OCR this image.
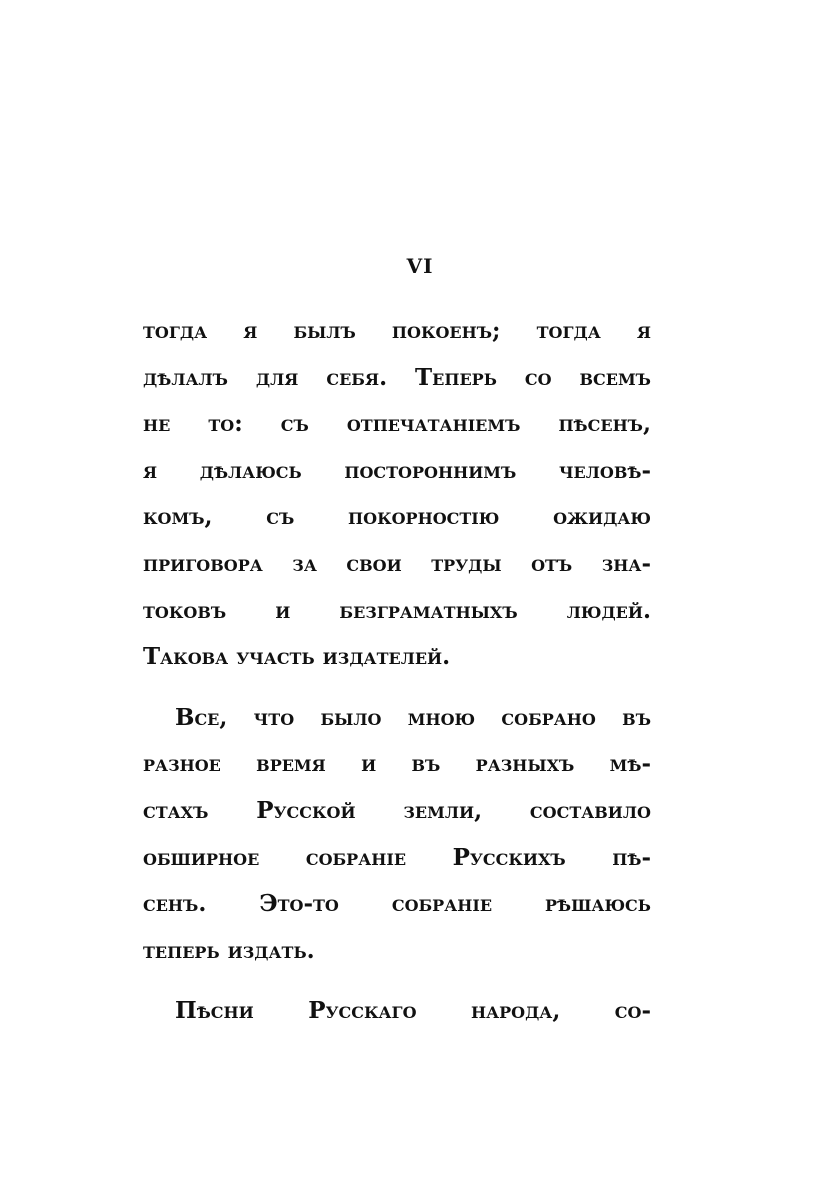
VI
тогда я былъ покоенъ; тогда я
дѣлалъ для себя. Теперь со всемъ
не то: съ отпечатанiемъ пѣсенъ,
я дѣлаюсь постороннимъ человѣ-
комъ, съ покорностiю ожидаю
приговора за свои труды отъ зна-
токовъ и безграматныхъ людей.
Такова участь издателей.
Все, что было мною собрано въ
разное время и въ разныхъ мѣ-
стахъ Русской земли, составило
обширное собранiе Русскихъ пѣ-
сенъ. Это-то собранiе рѣшаюсь
теперь издать.
Пѣсни Русскаго народа, со-
